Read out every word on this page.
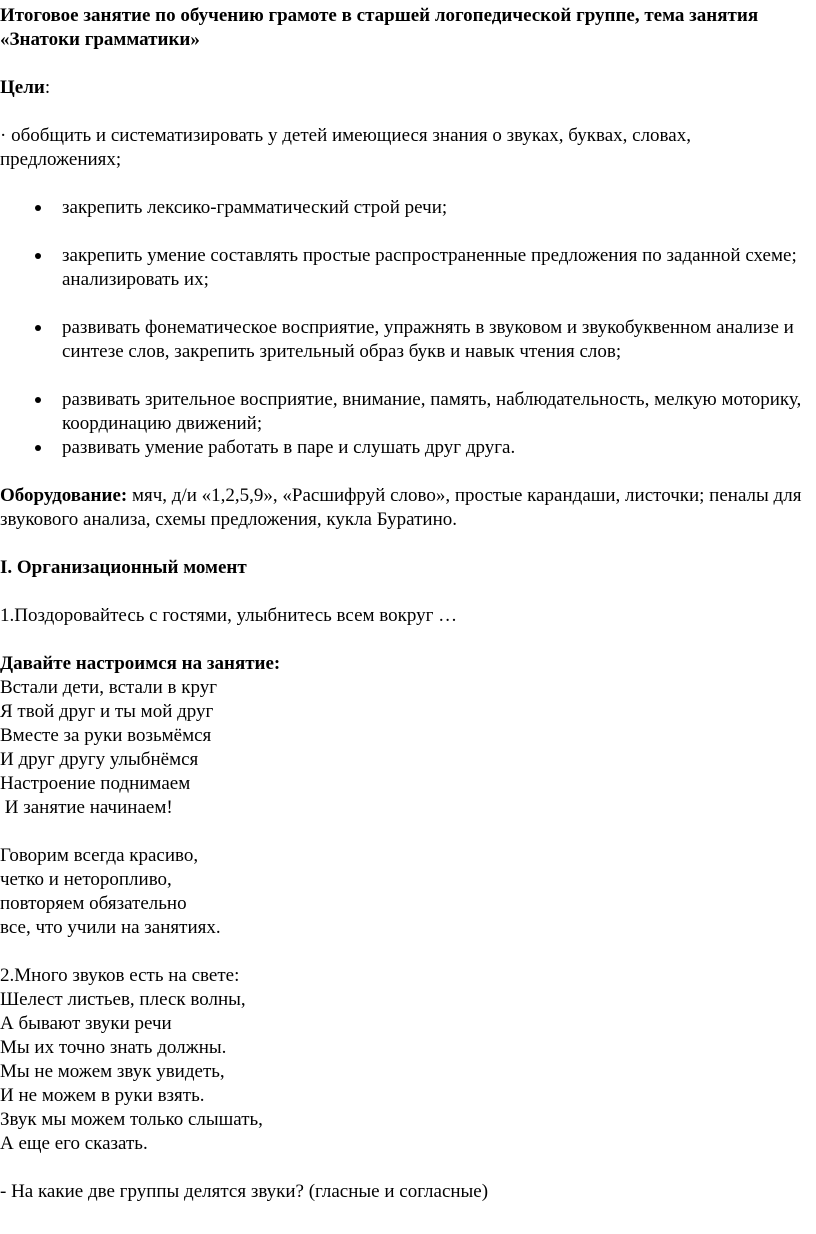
Итоговое занятие по обучению грамоте в старшей логопедической группе, тема занятия «Знатоки грамматики»

Цели:

· обобщить и систематизировать у детей имеющиеся знания о звуках, буквах, словах, предложениях;

закрепить лексико-грамматический строй речи;
закрепить умение составлять простые распространенные предложения по заданной схеме; анализировать их;
развивать фонематическое восприятие, упражнять в звуковом и звукобуквенном анализе и синтезе слов, закрепить зрительный образ букв и навык чтения слов;
развивать зрительное восприятие, внимание, память, наблюдательность, мелкую моторику, координацию движений;
развивать умение работать в паре и слушать друг друга.

Оборудование: мяч, д/и «1,2,5,9», «Расшифруй слово», простые карандаши, листочки; пеналы для звукового анализа, схемы предложения, кукла Буратино.

I. Организационный момент

1.Поздоровайтесь с гостями, улыбнитесь всем вокруг …

Давайте настроимся на занятие:

Встали дети, встали в круг
Я твой друг и ты мой друг
Вместе за руки возьмёмся
И друг другу улыбнёмся
Настроение поднимаем
И занятие начинаем!
Говорим всегда красиво,
четко и неторопливо,
повторяем обязательно
все, что учили на занятиях.
2.Много звуков есть на свете:
Шелест листьев, плеск волны,
А бывают звуки речи
Мы их точно знать должны.
Мы не можем звук увидеть,
И не можем в руки взять.
Звук мы можем только слышать,
А еще его сказать.

- На какие две группы делятся звуки? (гласные и согласные)
